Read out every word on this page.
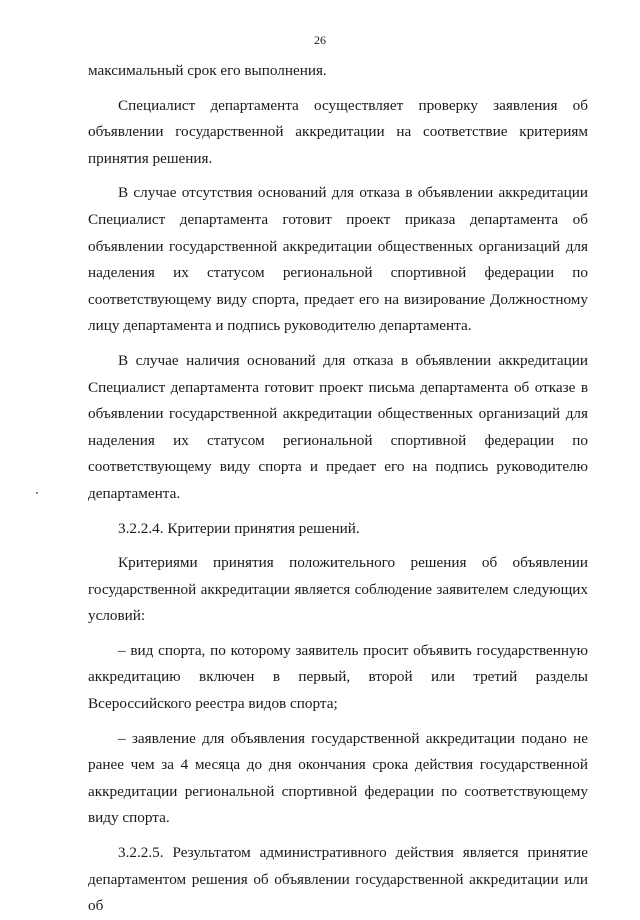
26

максимальный срок его выполнения.

Специалист департамента осуществляет проверку заявления об объявлении государственной аккредитации на соответствие критериям принятия решения.

В случае отсутствия оснований для отказа в объявлении аккредитации Специалист департамента готовит проект приказа департамента об объявлении государственной аккредитации общественных организаций для наделения их статусом региональной спортивной федерации по соответствующему виду спорта, предает его на визирование Должностному лицу департамента и подпись руководителю департамента.

В случае наличия оснований для отказа в объявлении аккредитации Специалист департамента готовит проект письма департамента об отказе в объявлении государственной аккредитации общественных организаций для наделения их статусом региональной спортивной федерации по соответствующему виду спорта и предает его на подпись руководителю департамента.

3.2.2.4. Критерии принятия решений.

Критериями принятия положительного решения об объявлении государственной аккредитации является соблюдение заявителем следующих условий:

– вид спорта, по которому заявитель просит объявить государственную аккредитацию включен в первый, второй или третий разделы Всероссийского реестра видов спорта;

– заявление для объявления государственной аккредитации подано не ранее чем за 4 месяца до дня окончания срока действия государственной аккредитации региональной спортивной федерации по соответствующему виду спорта.

3.2.2.5. Результатом административного действия является принятие департаментом решения об объявлении государственной аккредитации или об
